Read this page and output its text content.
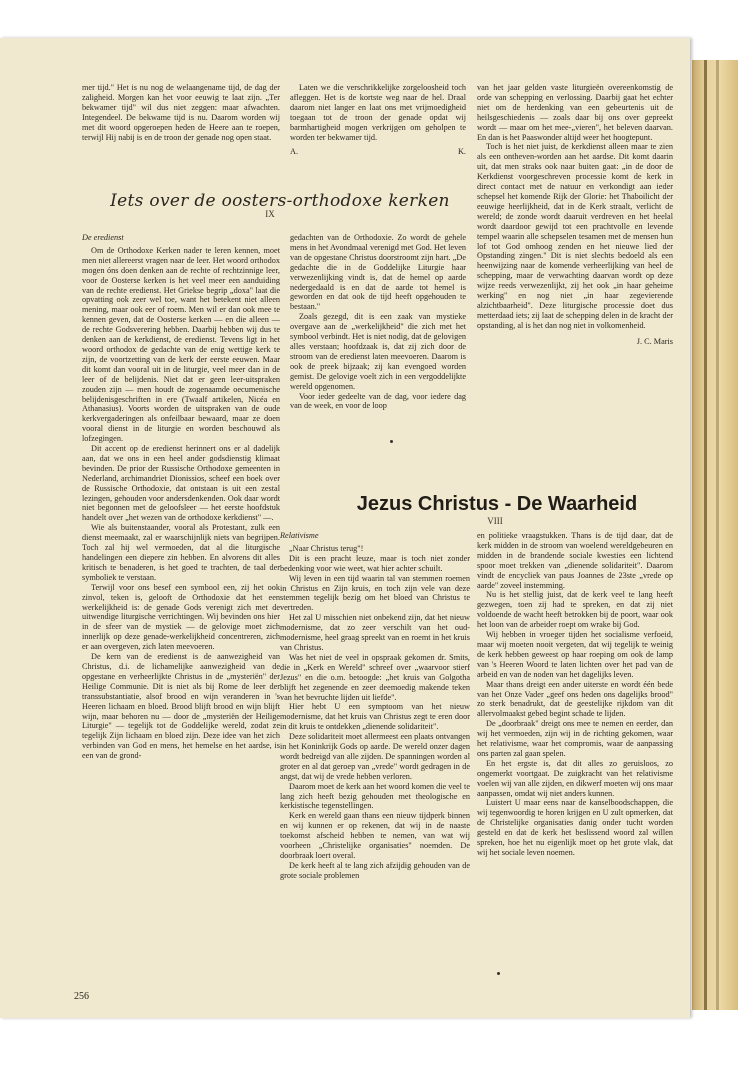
mer tijd." Het is nu nog de welaangename tijd, de dag der zaligheid. Morgen kan het voor eeuwig te laat zijn. „Ter bekwamer tijd" wil dus niet zeggen: maar afwachten. Integendeel. De bekwame tijd is nu. Daarom worden wij met dit woord opgeroepen heden de Heere aan te roepen, terwijl Hij nabij is en de troon der genade nog open staat.

Laten we die verschrikkelijke zorgeloosheid toch afleggen. Het is de kortste weg naar de hel. Draal daarom niet langer en laat ons met vrijmoedigheid toegaan tot de troon der genade opdat wij barmhartigheid mogen verkrijgen om geholpen te worden ter bekwamer tijd.

A.	K.

van het jaar gelden vaste liturgieën overeenkomstig de orde van schepping en verlossing. Daarbij gaat het echter niet om de herdenking van een gebeurtenis uit de heilsgeschiedenis — zoals daar bij ons over gepreekt wordt — maar om het mee-„vieren", het beleven daarvan. En dan is het Paaswonder altijd weer het hoogtepunt.

Toch is het niet juist, de kerkdienst alleen maar te zien als een ontheven-worden aan het aardse. Dit komt daarin uit, dat men straks ook naar buiten gaat: „in de door de Kerkdienst voorgeschreven processie komt de kerk in direct contact met de natuur en verkondigt aan ieder schepsel het komende Rijk der Glorie: het Thaboilicht der eeuwige heerlijkheid, dat in de Kerk straalt, verlicht de wereld; de zonde wordt daaruit verdreven en het heelal wordt daardoor gewijd tot een prachtvolle en levende tempel waarin alle schepselen tesamen met de mensen hun lof tot God omhoog zenden en het nieuwe lied der Opstanding zingen." Dit is niet slechts bedoeld als een heenwijzing naar de komende verheerlijking van heel de schepping, maar de verwachting daarvan wordt op deze wijze reeds verwezenlijkt, zij het ook „in haar geheime werking" en nog niet „in haar zegevierende alzichtbaarheid". Deze liturgische processie doet dus metterdaad iets; zij laat de schepping delen in de kracht der opstanding, al is het dan nog niet in volkomenheid.

J. C. Maris
Iets over de oosters-orthodoxe kerken
IX
De eredienst

Om de Orthodoxe Kerken nader te leren kennen, moet men niet allereerst vragen naar de leer. Het woord orthodox mogen óns doen denken aan de rechte of rechtzinnige leer, voor de Oosterse kerken is het veel meer een aanduiding van de rechte eredienst. Het Griekse begrip „doxa" laat die opvatting ook zeer wel toe, want het betekent niet alleen mening, maar ook eer of roem. Men wil er dan ook mee te kennen geven, dat de Oosterse kerken — en die alleen — de rechte Godsverering hebben. Daarbij hebben wij dus te denken aan de kerkdienst, de eredienst. Tevens ligt in het woord orthodox de gedachte van de enig wettige kerk te zijn, de voortzetting van de kerk der eerste eeuwen. Maar dit komt dan vooral uit in de liturgie, veel meer dan in de leer of de belijdenis. Niet dat er geen leer-uitspraken zouden zijn — men houdt de zogenaamde oecumenische belijdenisgeschriften in ere (Twaalf artikelen, Nicéa en Athanasius). Voorts worden de uitspraken van de oude kerkvergaderingen als onfeilbaar bewaard, maar ze doen vooral dienst in de liturgie en worden beschouwd als lofzegingen.

Dit accent op de eredienst herinnert ons er al dadelijk aan, dat we ons in een heel ander godsdienstig klimaat bevinden. De prior der Russische Orthodoxe gemeenten in Nederland, archimandriet Dionissios, scheef een boek over de Russische Orthodoxie, dat ontstaan is uit een zestal lezingen, gehouden voor andersdenkenden. Ook daar wordt niet begonnen met de geloofsleer — het eerste hoofdstuk handelt over „het wezen van de orthodoxe kerkdienst" —.

Wie als buitenstaander, vooral als Protestant, zulk een dienst meemaakt, zal er waarschijnlijk niets van begrijpen. Toch zal hij wel vermoeden, dat al die liturgische handelingen een diepere zin hebben. En alvorens dit alles kritisch te benaderen, is het goed te trachten, de taal der symboliek te verstaan.

Terwijl voor ons besef een symbool een, zij het ook zinvol, teken is, gelooft de Orthodoxie dat het een werkelijkheid is: de genade Gods verenigt zich met de uitwendige liturgische verrichtingen. Wij bevinden ons hier in de sfeer van de mystiek — de gelovige moet zich innerlijk op deze genade-werkelijkheid concentreren, zich er aan overgeven, zich laten meevoeren.

De kern van de eredienst is de aanwezigheid van Christus, d.i. de lichamelijke aanwezigheid van de opgestane en verheerlijkte Christus in de „mysteriën" der Heilige Communie. Dit is niet als bij Rome de leer der transsubstantiatie, alsof brood en wijn veranderen in 's Heeren lichaam en bloed. Brood blijft brood en wijn blijft wijn, maar behoren nu — door de „mysteriën der Heilige Liturgie" — tegelijk tot de Goddelijke wereld, zodat ze tegelijk Zijn lichaam en bloed zijn. Deze idee van het zich verbinden van God en mens, het hemelse en het aardse, is een van de grond-

gedachten van de Orthodoxie. Zo wordt de gehele mens in het Avondmaal verenigd met God. Het leven van de opgestane Christus doorstroomt zijn hart. „De gedachte die in de Goddelijke Liturgie haar verwezenlijking vindt is, dat de hemel op aarde nedergedaald is en dat de aarde tot hemel is geworden en dat ook de tijd heeft opgehouden te bestaan."

Zoals gezegd, dit is een zaak van mystieke overgave aan de „werkelijkheid" die zich met het symbool verbindt. Het is niet nodig, dat de gelovigen alles verstaan; hoofdzaak is, dat zij zich door de stroom van de eredienst laten meevoeren. Daarom is ook de preek bijzaak; zij kan evengoed worden gemist. De gelovige voelt zich in een vergoddelijkte wereld opgenomen.

Voor ieder gedeelte van de dag, voor iedere dag van de week, en voor de loop

Jezus Christus - De Waarheid
VIII
Relativisme

„Naar Christus terug"!

Dit is een pracht leuze, maar is toch niet zonder bedenking voor wie weet, wat hier achter schuilt.

Wij leven in een tijd waarin tal van stemmen roemen in Christus en Zijn kruis, en toch zijn vele van deze stemmen tegelijk bezig om het bloed van Christus te vertreden.

Het zal U misschien niet onbekend zijn, dat het nieuw modernisme, dat zo zeer verschilt van het oud-modernisme, heel graag spreekt van en roemt in het kruis van Christus.

Was het niet de veel in opspraak gekomen dr. Smits, die in „Kerk en Wereld" schreef over „waarvoor stierf Jezus" en die o.m. betoogde: „het kruis van Golgotha blijft het zegenende en zeer deemoedig makende teken van het bevruchte lijden uit liefde".

Hier hebt U een symptoom van het nieuw modernisme, dat het kruis van Christus zegt te eren door in dit kruis te ontdekken „dienende solidariteit".

Deze solidariteit moet allermeest een plaats ontvangen in het Koninkrijk Gods op aarde. De wereld onzer dagen wordt bedreigd van alle zijden. De spanningen worden al groter en al dat geroep van „vrede" wordt gedragen in de angst, dat wij de vrede hebben verloren.

Daarom moet de kerk aan het woord komen die veel te lang zich heeft bezig gehouden met theologische en kerkistische tegenstellingen.

Kerk en wereld gaan thans een nieuw tijdperk binnen en wij kunnen er op rekenen, dat wij in de naaste toekomst afscheid hebben te nemen, van wat wij voorheen „Christelijke organisaties" noemden. De doorbraak loert overal.

De kerk heeft al te lang zich afzijdig gehouden van de grote sociale problemen

en politieke vraagstukken. Thans is de tijd daar, dat de kerk midden in de stroom van woelend wereldgebeuren en midden in de brandende sociale kwesties een lichtend spoor moet trekken van „dienende solidariteit". Daarom vindt de encycliek van paus Joannes de 23ste „vrede op aarde" zoveel instemming.

Nu is het stellig juist, dat de kerk veel te lang heeft gezwegen, toen zij had te spreken, en dat zij niet voldoende de wacht heeft betrokken bij de poort, waar ook het loon van de arbeider roept om wrake bij God.

Wij hebben in vroeger tijden het socialisme verfoeid, maar wij moeten nooit vergeten, dat wij tegelijk te weinig de kerk hebben geweest op haar roeping om ook de lamp van 's Heeren Woord te laten lichten over het pad van de arbeid en van de noden van het dagelijks leven.

Maar thans dreigt een ander uiterste en wordt één bede van het Onze Vader „geef ons heden ons dagelijks brood" zo sterk benadrukt, dat de geestelijke rijkdom van dit allervolmaakst gebed begint schade te lijden.

De „doorbraak" dreigt ons mee te nemen en eerder, dan wij het vermoeden, zijn wij in de richting gekomen, waar het relativisme, waar het compromis, waar de aanpassing ons parten zal gaan spelen.

En het ergste is, dat dit alles zo geruisloos, zo ongemerkt voortgaat. De zuigkracht van het relativisme voelen wij van alle zijden, en dikwerf moeten wij ons maar aanpassen, omdat wij niet anders kunnen.

Luistert U maar eens naar de kanselboodschappen, die wij tegenwoordig te horen krijgen en U zult opmerken, dat de Christelijke organisaties danig onder tucht worden gesteld en dat de kerk het beslissend woord zal willen spreken, hoe het nu eigenlijk moet op het grote vlak, dat wij het sociale leven noemen.

256
